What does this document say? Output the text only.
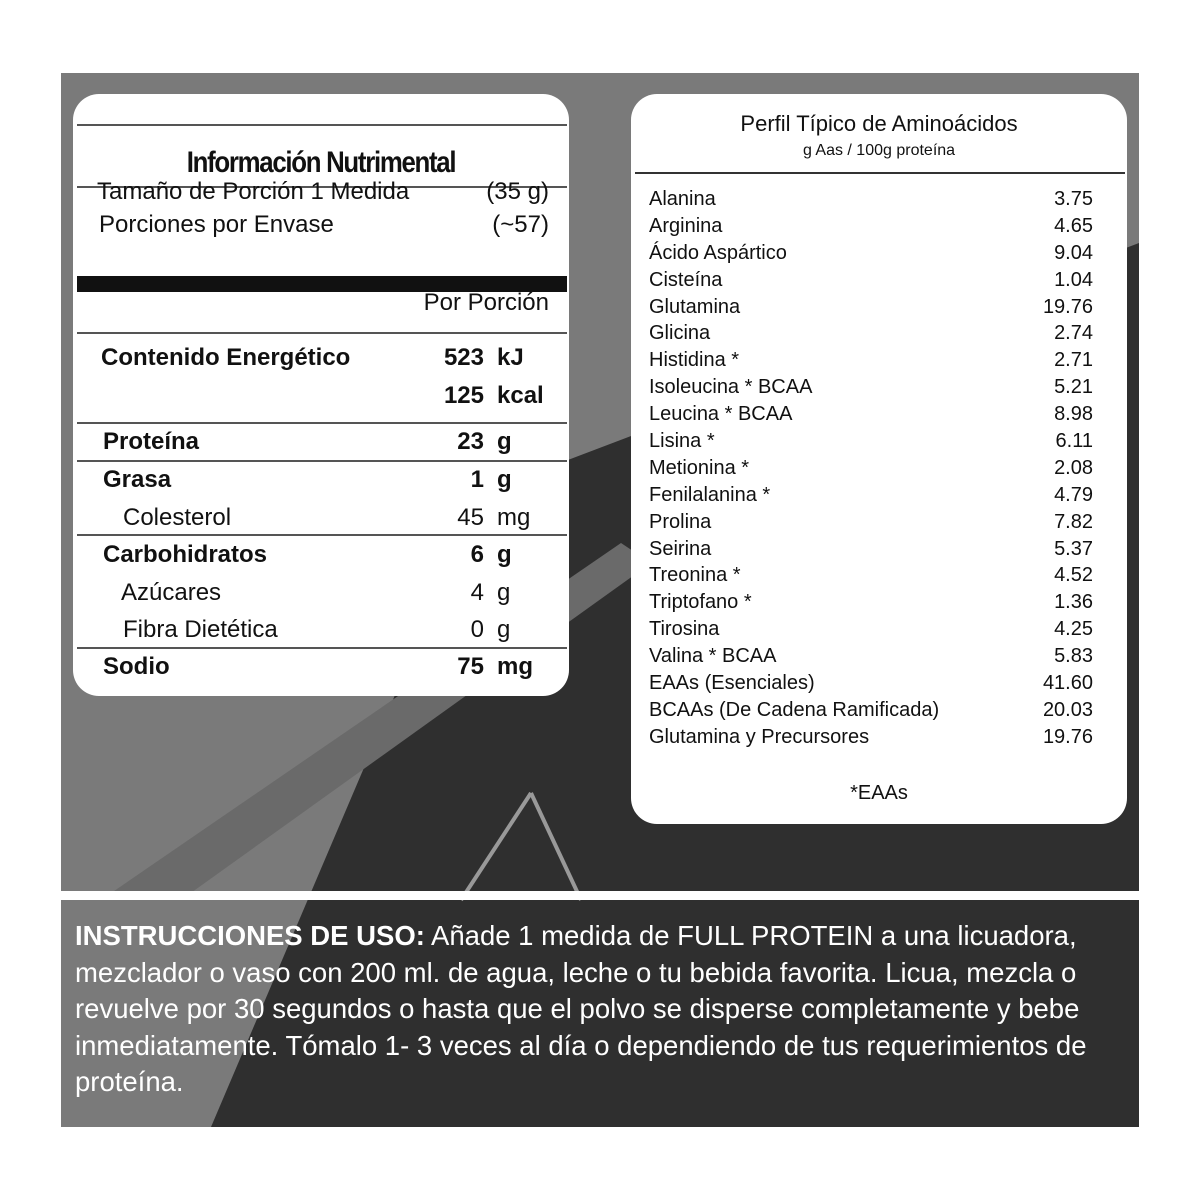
Información Nutrimental
Tamaño de Porción 1 Medida	(35 g)
Porciones por Envase	(~57)
Por Porción
Contenido Energético	523 kJ
125 kcal
Proteína	23 g
Grasa	1 g
Colesterol	45 mg
Carbohidratos	6 g
Azúcares	4 g
Fibra Dietética	0 g
Sodio	75 mg
Perfil Típico de Aminoácidos
g Aas / 100g proteína
Alanina	3.75
Arginina	4.65
Ácido Aspártico	9.04
Cisteína	1.04
Glutamina	19.76
Glicina	2.74
Histidina *	2.71
Isoleucina * BCAA	5.21
Leucina * BCAA	8.98
Lisina *	6.11
Metionina *	2.08
Fenilalanina *	4.79
Prolina	7.82
Seirina	5.37
Treonina *	4.52
Triptofano *	1.36
Tirosina	4.25
Valina * BCAA	5.83
EAAs (Esenciales)	41.60
BCAAs (De Cadena Ramificada)	20.03
Glutamina y Precursores	19.76
*EAAs

INSTRUCCIONES DE USO: Añade 1 medida de FULL PROTEIN a una licuadora, mezclador o vaso con 200 ml. de agua, leche o tu bebida favorita. Licua, mezcla o revuelve por 30 segundos o hasta que el polvo se disperse completamente y bebe inmediatamente. Tómalo 1- 3 veces al día o dependiendo de tus requerimientos de proteína.
